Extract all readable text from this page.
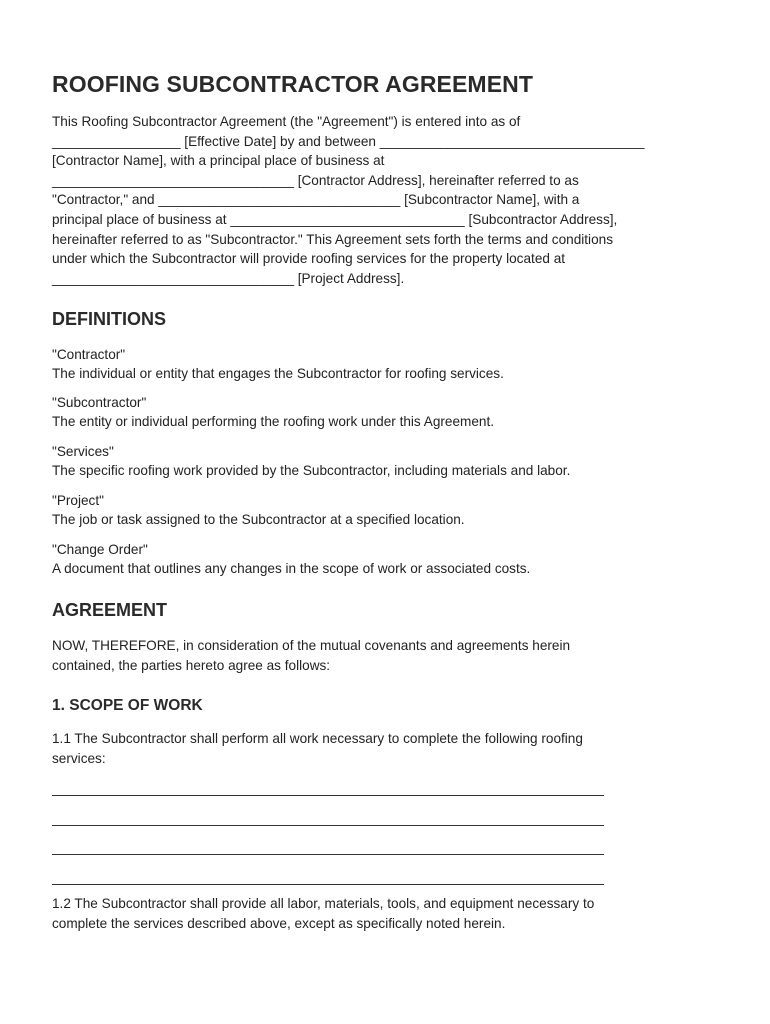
ROOFING SUBCONTRACTOR AGREEMENT
This Roofing Subcontractor Agreement (the "Agreement") is entered into as of
_________________ [Effective Date] by and between ___________________________________
[Contractor Name], with a principal place of business at
________________________________ [Contractor Address], hereinafter referred to as
"Contractor," and ________________________________ [Subcontractor Name], with a
principal place of business at _______________________________ [Subcontractor Address],
hereinafter referred to as "Subcontractor." This Agreement sets forth the terms and conditions
under which the Subcontractor will provide roofing services for the property located at
________________________________ [Project Address].
DEFINITIONS
"Contractor"
The individual or entity that engages the Subcontractor for roofing services.
"Subcontractor"
The entity or individual performing the roofing work under this Agreement.
"Services"
The specific roofing work provided by the Subcontractor, including materials and labor.
"Project"
The job or task assigned to the Subcontractor at a specified location.
"Change Order"
A document that outlines any changes in the scope of work or associated costs.
AGREEMENT
NOW, THEREFORE, in consideration of the mutual covenants and agreements herein
contained, the parties hereto agree as follows:
1. SCOPE OF WORK
1.1 The Subcontractor shall perform all work necessary to complete the following roofing
services:
1.2 The Subcontractor shall provide all labor, materials, tools, and equipment necessary to
complete the services described above, except as specifically noted herein.
